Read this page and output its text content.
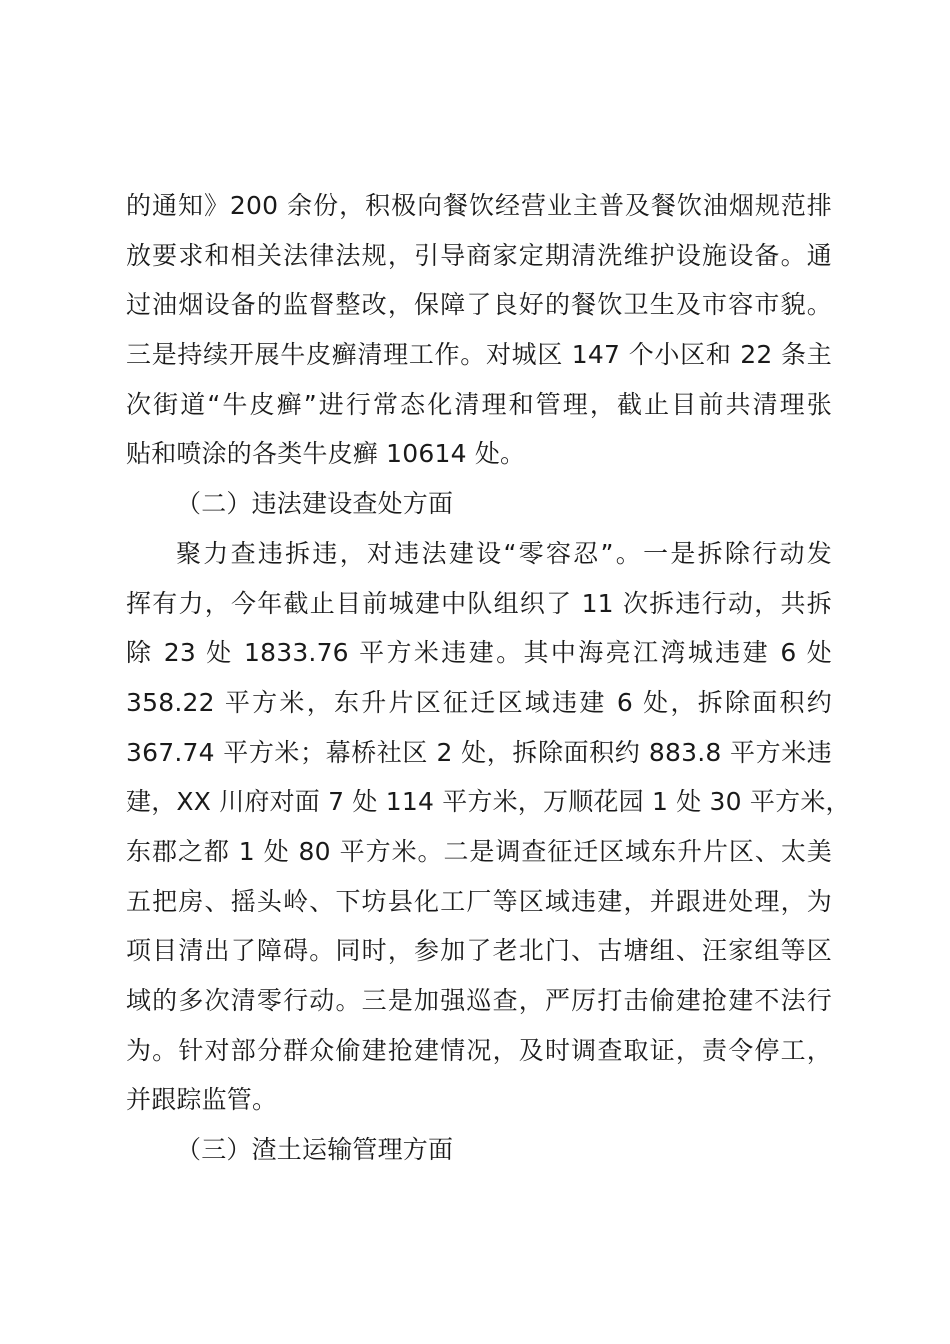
的通知》200 余份，积极向餐饮经营业主普及餐饮油烟规范排
放要求和相关法律法规，引导商家定期清洗维护设施设备。通
过油烟设备的监督整改，保障了良好的餐饮卫生及市容市貌。
三是持续开展牛皮癣清理工作。对城区 147 个小区和 22 条主
次街道“牛皮癣”进行常态化清理和管理，截止目前共清理张
贴和喷涂的各类牛皮癣 10614 处。
（二）违法建设查处方面
聚力查违拆违，对违法建设“零容忍”。一是拆除行动发
挥有力，今年截止目前城建中队组织了 11 次拆违行动，共拆
除 23 处 1833.76 平方米违建。其中海亮江湾城违建 6 处
358.22 平方米，东升片区征迁区域违建 6 处，拆除面积约
367.74 平方米；幕桥社区 2 处，拆除面积约 883.8 平方米违
建，XX 川府对面 7 处 114 平方米，万顺花园 1 处 30 平方米，
东郡之都 1 处 80 平方米。二是调查征迁区域东升片区、太美
五把房、摇头岭、下坊县化工厂等区域违建，并跟进处理，为
项目清出了障碍。同时，参加了老北门、古塘组、汪家组等区
域的多次清零行动。三是加强巡查，严厉打击偷建抢建不法行
为。针对部分群众偷建抢建情况，及时调查取证，责令停工，
并跟踪监管。
（三）渣土运输管理方面
